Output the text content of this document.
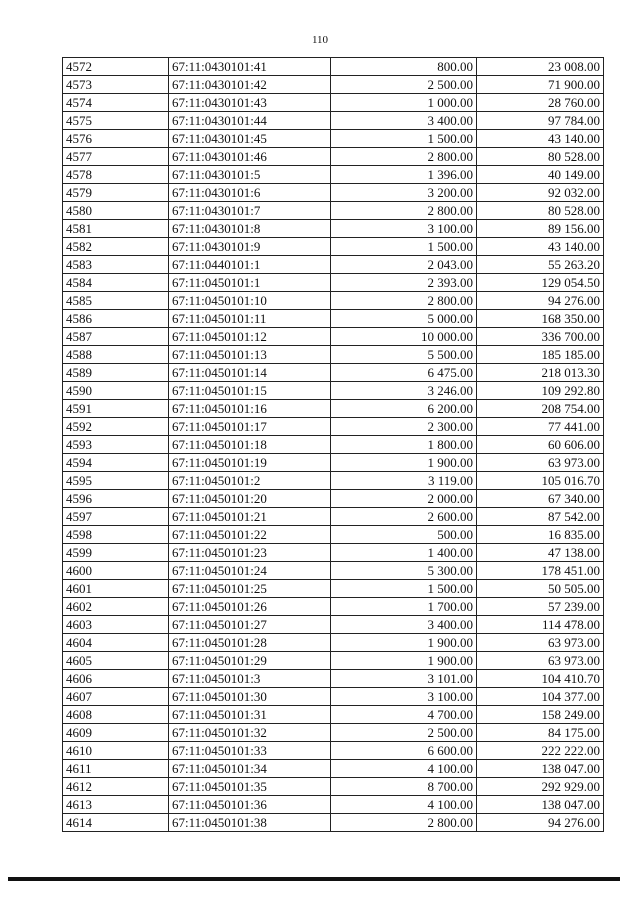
110
4572	67:11:0430101:41	800.00	23 008.00
4573	67:11:0430101:42	2 500.00	71 900.00
4574	67:11:0430101:43	1 000.00	28 760.00
4575	67:11:0430101:44	3 400.00	97 784.00
4576	67:11:0430101:45	1 500.00	43 140.00
4577	67:11:0430101:46	2 800.00	80 528.00
4578	67:11:0430101:5	1 396.00	40 149.00
4579	67:11:0430101:6	3 200.00	92 032.00
4580	67:11:0430101:7	2 800.00	80 528.00
4581	67:11:0430101:8	3 100.00	89 156.00
4582	67:11:0430101:9	1 500.00	43 140.00
4583	67:11:0440101:1	2 043.00	55 263.20
4584	67:11:0450101:1	2 393.00	129 054.50
4585	67:11:0450101:10	2 800.00	94 276.00
4586	67:11:0450101:11	5 000.00	168 350.00
4587	67:11:0450101:12	10 000.00	336 700.00
4588	67:11:0450101:13	5 500.00	185 185.00
4589	67:11:0450101:14	6 475.00	218 013.30
4590	67:11:0450101:15	3 246.00	109 292.80
4591	67:11:0450101:16	6 200.00	208 754.00
4592	67:11:0450101:17	2 300.00	77 441.00
4593	67:11:0450101:18	1 800.00	60 606.00
4594	67:11:0450101:19	1 900.00	63 973.00
4595	67:11:0450101:2	3 119.00	105 016.70
4596	67:11:0450101:20	2 000.00	67 340.00
4597	67:11:0450101:21	2 600.00	87 542.00
4598	67:11:0450101:22	500.00	16 835.00
4599	67:11:0450101:23	1 400.00	47 138.00
4600	67:11:0450101:24	5 300.00	178 451.00
4601	67:11:0450101:25	1 500.00	50 505.00
4602	67:11:0450101:26	1 700.00	57 239.00
4603	67:11:0450101:27	3 400.00	114 478.00
4604	67:11:0450101:28	1 900.00	63 973.00
4605	67:11:0450101:29	1 900.00	63 973.00
4606	67:11:0450101:3	3 101.00	104 410.70
4607	67:11:0450101:30	3 100.00	104 377.00
4608	67:11:0450101:31	4 700.00	158 249.00
4609	67:11:0450101:32	2 500.00	84 175.00
4610	67:11:0450101:33	6 600.00	222 222.00
4611	67:11:0450101:34	4 100.00	138 047.00
4612	67:11:0450101:35	8 700.00	292 929.00
4613	67:11:0450101:36	4 100.00	138 047.00
4614	67:11:0450101:38	2 800.00	94 276.00
